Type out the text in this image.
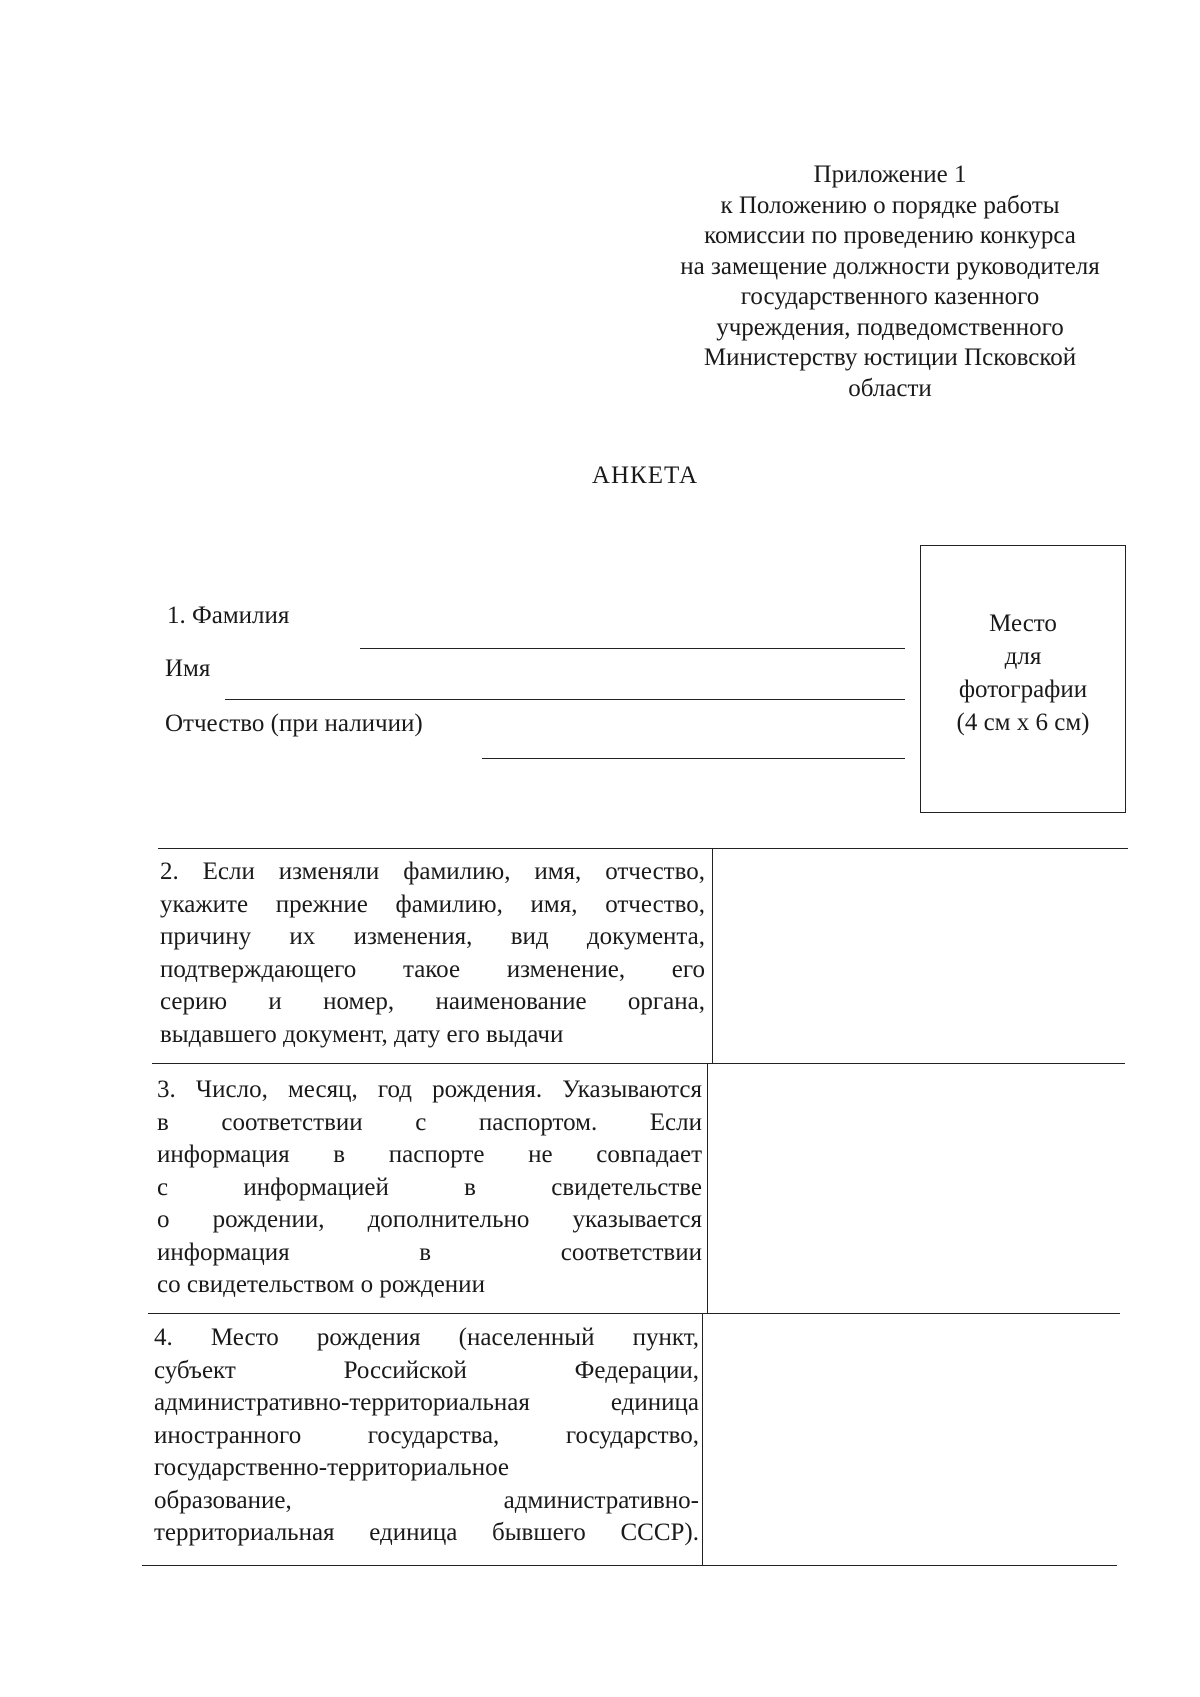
Приложение 1
к Положению о порядке работы
комиссии по проведению конкурса
на замещение должности руководителя
государственного казенного
учреждения, подведомственного
Министерству юстиции Псковской
области
АНКЕТА
1. Фамилия
Имя
Отчество (при наличии)
Место
для
фотографии
(4 см х 6 см)
2. Если изменяли фамилию, имя, отчество,
укажите прежние фамилию, имя, отчество,
причину их изменения, вид документа,
подтверждающего такое изменение, его
серию и номер, наименование органа,
выдавшего документ, дату его выдачи
3. Число, месяц, год рождения. Указываются
в соответствии с паспортом. Если
информация в паспорте не совпадает
с информацией в свидетельстве
о рождении, дополнительно указывается
информация в соответствии
со свидетельством о рождении
4. Место рождения (населенный пункт,
субъект Российской Федерации,
административно-территориальная единица
иностранного государства, государство,
государственно-территориальное
образование, административно-
территориальная единица бывшего СССР).
